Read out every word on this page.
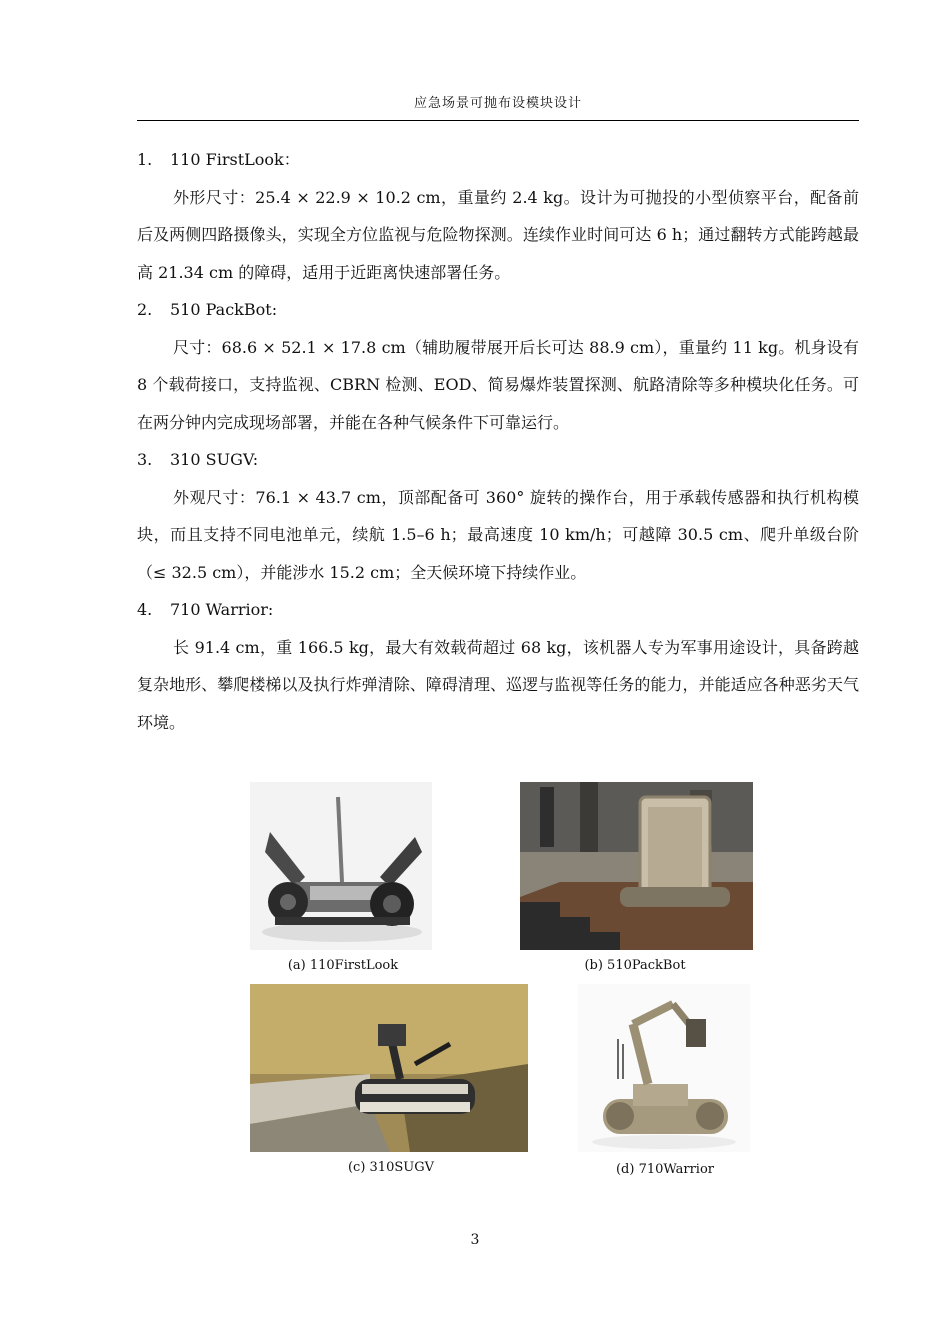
应急场景可抛布设模块设计
1. 110 FirstLook：
外形尺寸：25.4 × 22.9 × 10.2 cm，重量约 2.4 kg。设计为可抛投的小型侦察平台，配备前后及两侧四路摄像头，实现全方位监视与危险物探测。连续作业时间可达 6 h；通过翻转方式能跨越最高 21.34 cm 的障碍，适用于近距离快速部署任务。
2. 510 PackBot:
尺寸：68.6 × 52.1 × 17.8 cm（辅助履带展开后长可达 88.9 cm），重量约 11 kg。机身设有 8 个载荷接口，支持监视、CBRN 检测、EOD、简易爆炸装置探测、航路清除等多种模块化任务。可在两分钟内完成现场部署，并能在各种气候条件下可靠运行。
3. 310 SUGV:
外观尺寸：76.1 × 43.7 cm，顶部配备可 360° 旋转的操作台，用于承载传感器和执行机构模块，而且支持不同电池单元，续航 1.5–6 h；最高速度 10 km/h；可越障 30.5 cm、爬升单级台阶（≤ 32.5 cm），并能涉水 15.2 cm；全天候环境下持续作业。
4. 710 Warrior:
长 91.4 cm，重 166.5 kg，最大有效载荷超过 68 kg，该机器人专为军事用途设计，具备跨越复杂地形、攀爬楼梯以及执行炸弹清除、障碍清理、巡逻与监视等任务的能力，并能适应各种恶劣天气环境。
(a) 110FirstLook	(b) 510PackBot
(c) 310SUGV	(d) 710Warrior
3
